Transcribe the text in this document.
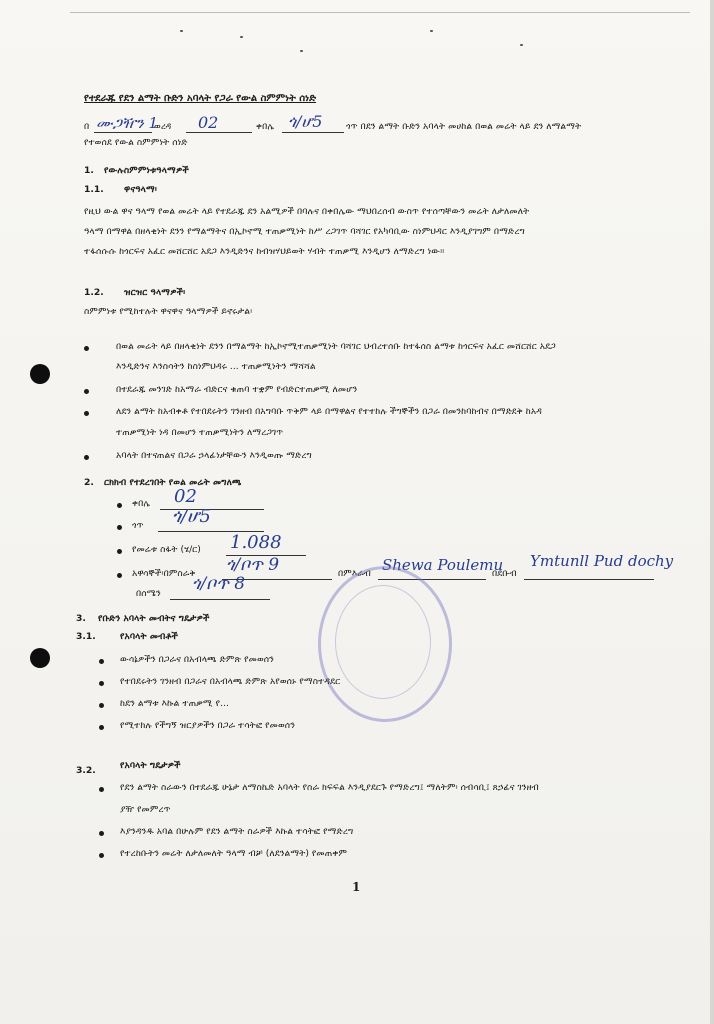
የተደራጁ የደን ልማት ቡድን አባላት የጋራ የውል ስምምነት ሰነድ
በ ሙጋዥን 1
ወረዳ 02	ቀበሌ ጎ/ሆ5	ጎጥ በደን ልማት ቡድን አባላት መሀከል በወል መሬት ላይ ደን ለማልማት
የተወሰደ የውል ስምምነት ሰነድ
1. የውሉስምምነቱዓላማዎች
1.1. ዋናዓላማ፡
የዚህ ውል ዋና ዓላማ የወል መሬት ላይ የተደራጁ ደን አልሚዎች በባሉና በቀበሌው ማህበረሰብ ውስጥ የተሰጣቸውን መሬት ለታለመለት
ዓላማ በማዋል በዘላቂነት ደንን የማልማትና በኢኮኖሚ ተጠቃሚነት ከሥ ረጋገጥ ባሻገር የአካባቢው ስነምህዳር እንዲያገግም በማድረግ
ተፋሰሱሱ ከጎርፍና አፈር መሸርሸር አደጋ እንዲድንና ከብዝሃህይወት ሃብት ተጠቃሚ እንዲሆን ለማድረግ ነው።
1.2. ዝርዝር ዓላማዎች፡
ስምምነቱ የሚከተሉት ዋናዋና ዓላማዎች ይኖሩታል፡
በወል መሬት ላይ በዘላቂነት ደንን በማልማት ከኢኮኖሚተጠቃሚነት ባሻገር ህብረተሰቡ ከተፋሰስ ልማቱ ከጎርፍና አፈር መሸርሸር አደጋ
እንዲድንና እንስሳትን ከስነምህዳሩ ... ተጠቃሚነትን ማሻሻል
በተደራጁ መንገድ ከአማራ ብድርና ቁጠባ ተቋም የብድርተጠቃሚ ለመሆን
ለደን ልማት ከአብቀቶ የተበደሩትን ገንዘብ በአግባቡ ጥቅም ላይ በማዋልና የተተከሉ ችግኞችን በጋራ በመንከባከብና በማድደቅ ከአዳ
ተጠቃሚነት ነዳ በመሆን ተጠቃሚነትን ለማረጋገጥ
አባላት በተናጠልና በጋራ ኃላፊነታቸውን እንዲወጡ ማድረግ
2. ርክክብ የተደረገበት የወል መሬት መግለጫ
ቀበሌ 02
ጎጥ ጎ/ሆ5
የመሬቱ ስፋት (ሄ/ር) 1.088
አዋሳኞች፡በምስራቅ ጎ/ቦጥ 9	በምእራብ Shewa Poulemu
በደቡብ
Ymtunll Pud dochy
በሰሜን ጎ/ቦጥ 8
3. የቡድን አባላት መብትና ግዴታዎች
3.1.	የአባላት መብቶች
ውሳኔዎችን በጋራና በአብላጫ ድምጽ የመወሰን
የተበደሩትን ገንዘብ በጋራና በአብላጫ ድምጽ አየወሰኑ የማስተዳደር
ከደን ልማቱ እኩል ተጠቃሚ የ...
የሚተከሉ የችግኝ ዝርያዎችን በጋራ ተሳትፎ የመወሰን
3.2.	የአባላት ግዴታዎች
የደን ልማት ስራውን በተደራጁ ሁኔታ ለማስኬድ አባላት የስራ ክፍፍል እንዲያደርጉ የማድረግ፤ ማለትም፡ ሰብሳቢ፤ ጸኃፊና ገንዘብ
ያዥ የመምረጥ
እያንዳንዱ አባል በሁሉም የደን ልማት ስራዎች እኩል ተሳትፎ የማድረግ
የተረከቡትን መሬት ለታለመለት ዓላማ ብቻ (ለደንልማት) የመጠቀም
1
